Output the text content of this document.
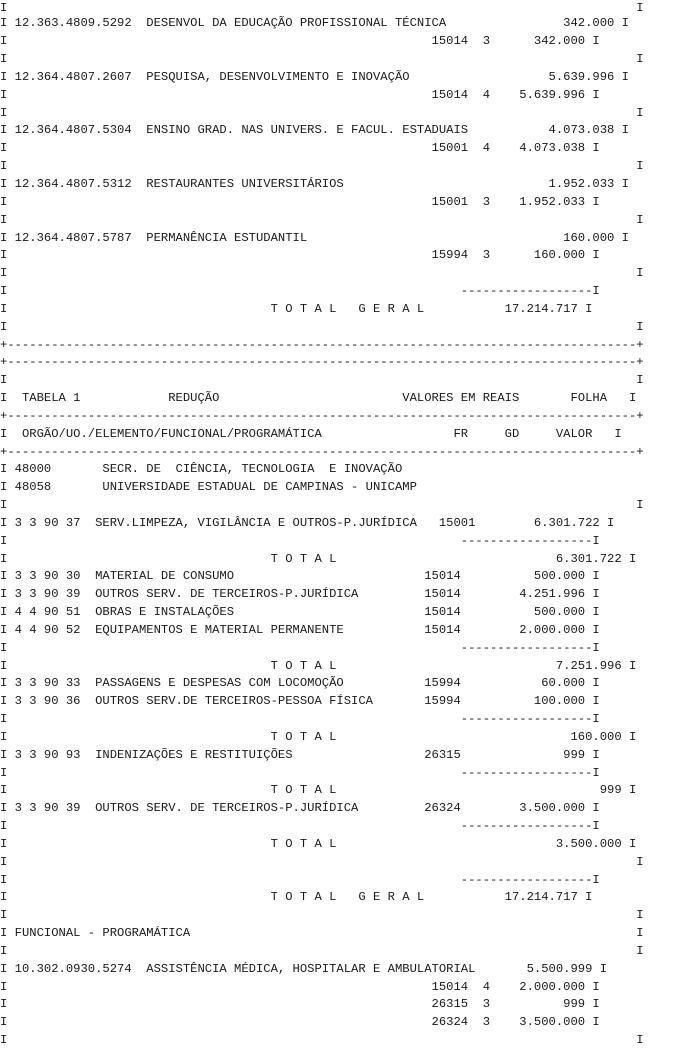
I                                                                                      I
I 12.363.4809.5292  DESENVOL DA EDUCAÇÃO PROFISSIONAL TÉCNICA                342.000 I
I                                                          15014  3      342.000 I
I                                                                                      I
I 12.364.4807.2607  PESQUISA, DESENVOLVIMENTO E INOVAÇÃO                   5.639.996 I
I                                                          15014  4    5.639.996 I
I                                                                                      I
I 12.364.4807.5304  ENSINO GRAD. NAS UNIVERS. E FACUL. ESTADUAIS           4.073.038 I
I                                                          15001  4    4.073.038 I
I                                                                                      I
I 12.364.4807.5312  RESTAURANTES UNIVERSITÁRIOS                            1.952.033 I
I                                                          15001  3    1.952.033 I
I                                                                                      I
I 12.364.4807.5787  PERMANÊNCIA ESTUDANTIL                                   160.000 I
I                                                          15994  3      160.000 I
I                                                                                      I
I                                                              ------------------I
I                                    T O T A L   G E R A L           17.214.717 I
I                                                                                      I
+--------------------------------------------------------------------------------------+
+--------------------------------------------------------------------------------------+
I                                                                                      I
I  TABELA 1            REDUÇÃO                         VALORES EM REAIS       FOLHA   I
+--------------------------------------------------------------------------------------+
I  ORGÃO/UO./ELEMENTO/FUNCIONAL/PROGRAMÁTICA                  FR     GD     VALOR   I
+--------------------------------------------------------------------------------------+
I 48000       SECR. DE  CIÊNCIA, TECNOLOGIA  E INOVAÇÃO
I 48058       UNIVERSIDADE ESTADUAL DE CAMPINAS - UNICAMP
I                                                                                      I
I 3 3 90 37  SERV.LIMPEZA, VIGILÂNCIA E OUTROS-P.JURÍDICA   15001        6.301.722 I
I                                                              ------------------I
I                                    T O T A L                              6.301.722 I
I 3 3 90 30  MATERIAL DE CONSUMO                          15014          500.000 I
I 3 3 90 39  OUTROS SERV. DE TERCEIROS-P.JURÍDICA         15014        4.251.996 I
I 4 4 90 51  OBRAS E INSTALAÇÕES                          15014          500.000 I
I 4 4 90 52  EQUIPAMENTOS E MATERIAL PERMANENTE           15014        2.000.000 I
I                                                              ------------------I
I                                    T O T A L                              7.251.996 I
I 3 3 90 33  PASSAGENS E DESPESAS COM LOCOMOÇÃO           15994           60.000 I
I 3 3 90 36  OUTROS SERV.DE TERCEIROS-PESSOA FÍSICA       15994          100.000 I
I                                                              ------------------I
I                                    T O T A L                                160.000 I
I 3 3 90 93  INDENIZAÇÕES E RESTITUIÇÕES                  26315              999 I
I                                                              ------------------I
I                                    T O T A L                                    999 I
I 3 3 90 39  OUTROS SERV. DE TERCEIROS-P.JURÍDICA         26324        3.500.000 I
I                                                              ------------------I
I                                    T O T A L                              3.500.000 I
I                                                                                      I
I                                                              ------------------I
I                                    T O T A L   G E R A L           17.214.717 I
I                                                                                      I
I FUNCIONAL - PROGRAMÁTICA                                                             I
I                                                                                      I
I 10.302.0930.5274  ASSISTÊNCIA MÉDICA, HOSPITALAR E AMBULATORIAL       5.500.999 I
I                                                          15014  4    2.000.000 I
I                                                          26315  3          999 I
I                                                          26324  3    3.500.000 I
I                                                                                      I
